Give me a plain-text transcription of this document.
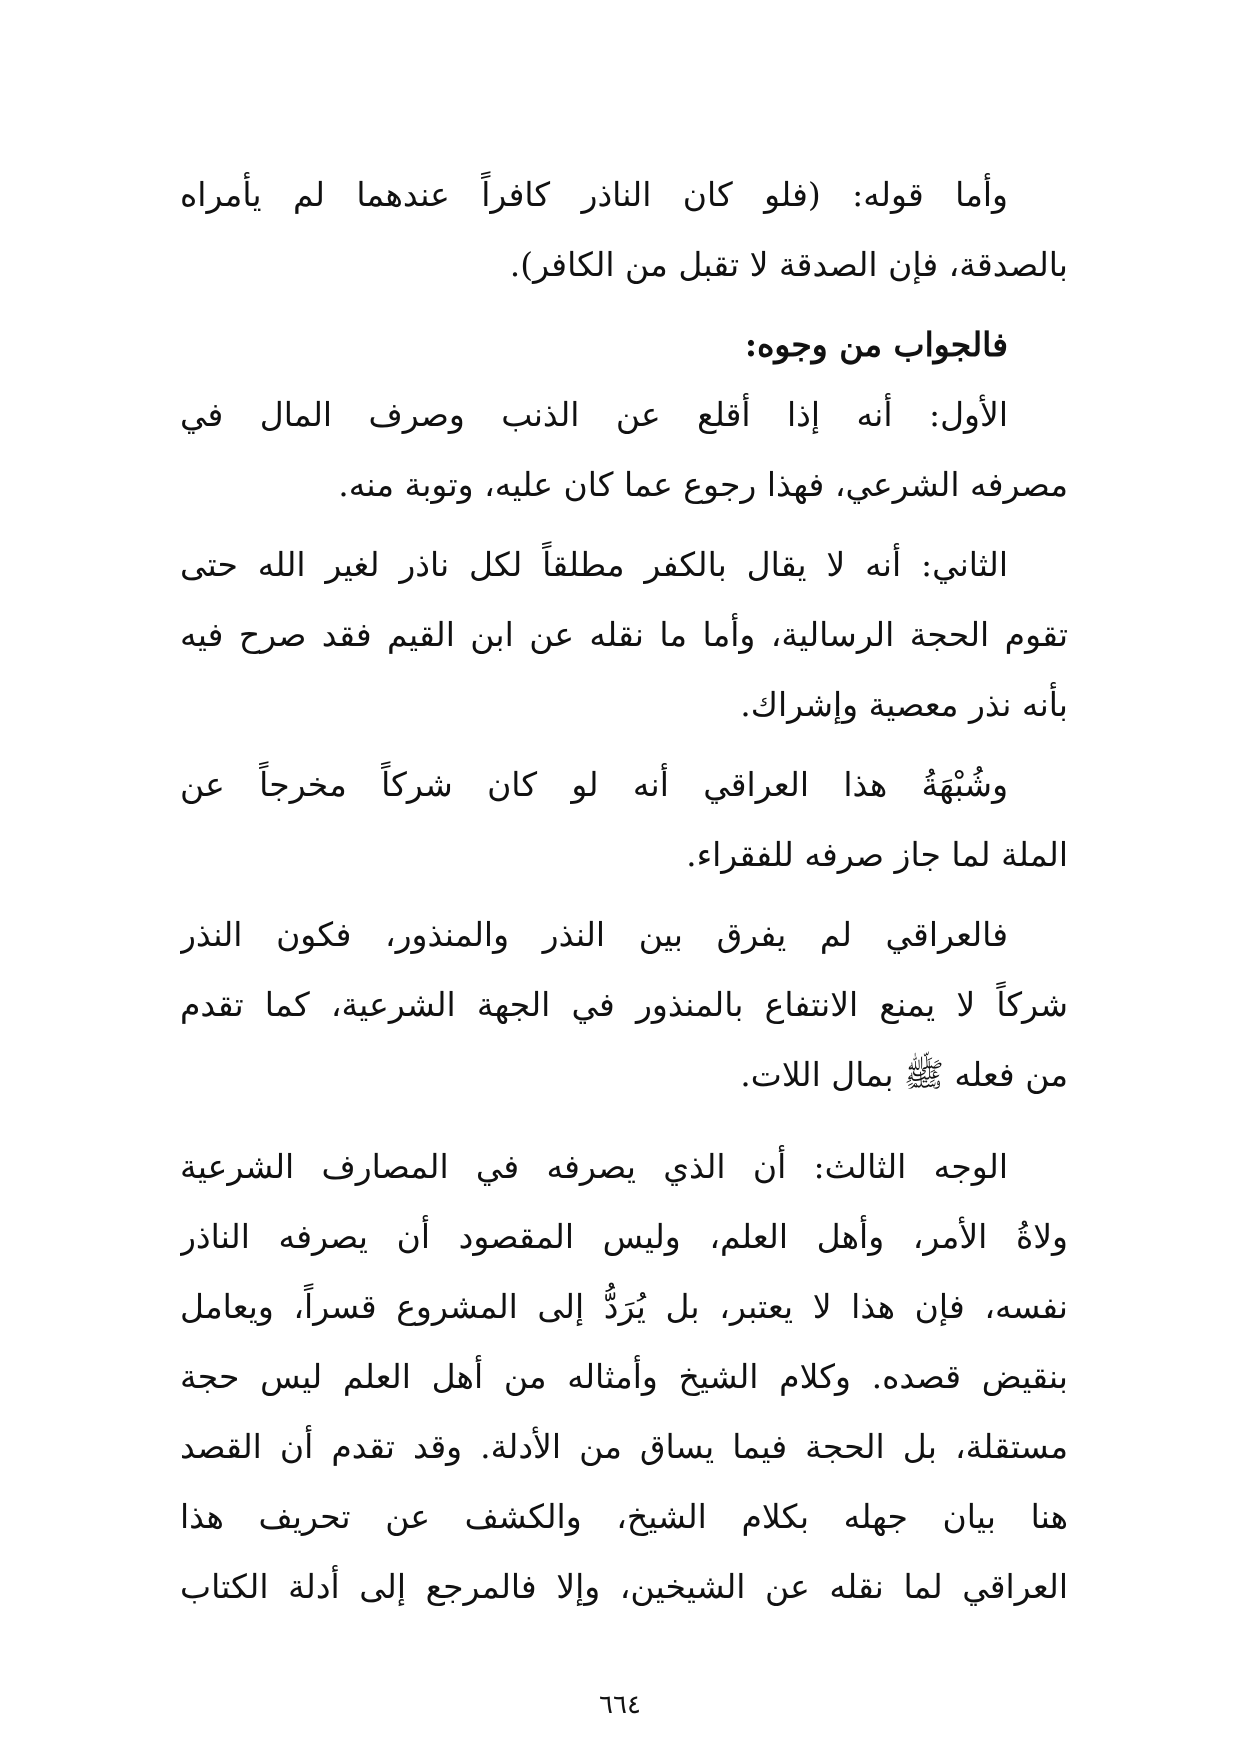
وأما قوله: (فلو كان الناذر كافراً عندهما لم يأمراه
بالصدقة، فإن الصدقة لا تقبل من الكافر).
فالجواب من وجوه:
الأول: أنه إذا أقلع عن الذنب وصرف المال في
مصرفه الشرعي، فهذا رجوع عما كان عليه، وتوبة منه.
الثاني: أنه لا يقال بالكفر مطلقاً لكل ناذر لغير الله حتى
تقوم الحجة الرسالية، وأما ما نقله عن ابن القيم فقد صرح فيه
بأنه نذر معصية وإشراك.
وشُبْهَةُ هذا العراقي أنه لو كان شركاً مخرجاً عن
الملة لما جاز صرفه للفقراء.
فالعراقي لم يفرق بين النذر والمنذور، فكون النذر
شركاً لا يمنع الانتفاع بالمنذور في الجهة الشرعية، كما تقدم
من فعله ﷺ بمال اللات.
الوجه الثالث: أن الذي يصرفه في المصارف الشرعية
ولاةُ الأمر، وأهل العلم، وليس المقصود أن يصرفه الناذر
نفسه، فإن هذا لا يعتبر، بل يُرَدُّ إلى المشروع قسراً، ويعامل
بنقيض قصده. وكلام الشيخ وأمثاله من أهل العلم ليس حجة
مستقلة، بل الحجة فيما يساق من الأدلة. وقد تقدم أن القصد
هنا بيان جهله بكلام الشيخ، والكشف عن تحريف هذا
العراقي لما نقله عن الشيخين، وإلا فالمرجع إلى أدلة الكتاب
٦٦٤
